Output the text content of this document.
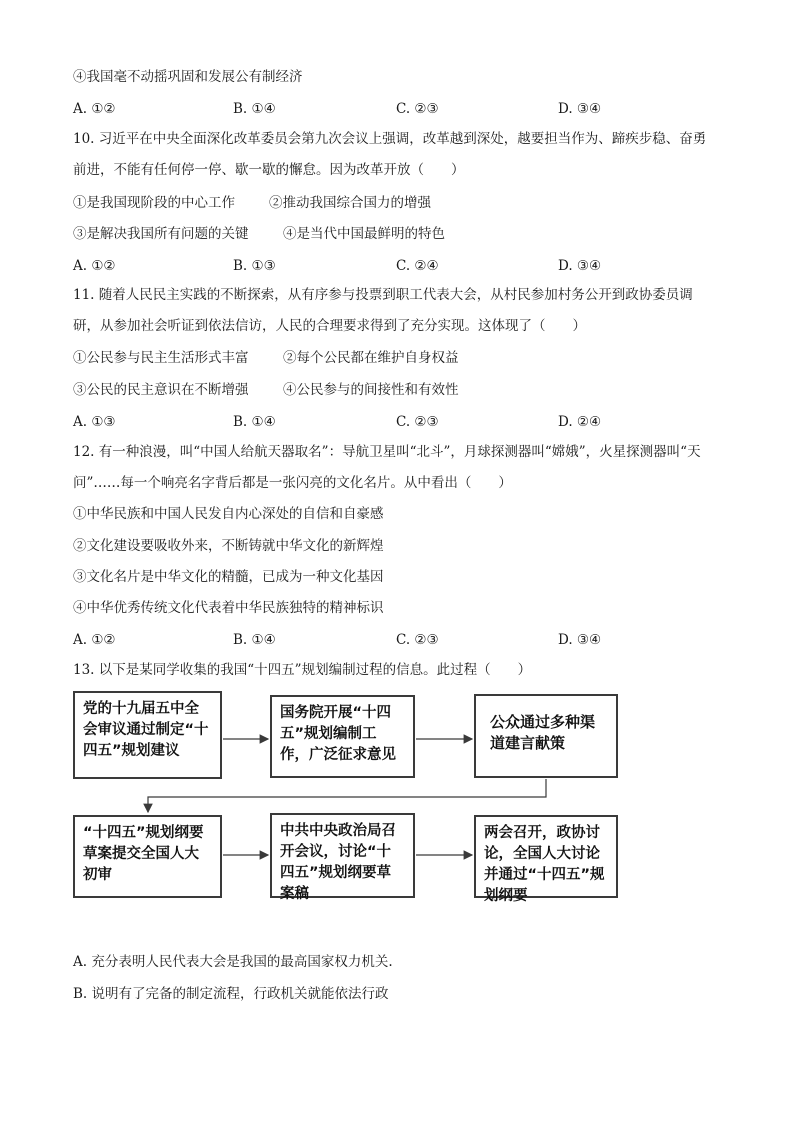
④我国毫不动摇巩固和发展公有制经济
A. ①②	B. ①④	C. ②③	D. ③④
10. 习近平在中央全面深化改革委员会第九次会议上强调，改革越到深处，越要担当作为、蹄疾步稳、奋勇前进，不能有任何停一停、歇一歇的懈怠。因为改革开放（　　）
①是我国现阶段的中心工作	②推动我国综合国力的增强
③是解决我国所有问题的关键	④是当代中国最鲜明的特色
A. ①②	B. ①③	C. ②④	D. ③④
11. 随着人民民主实践的不断探索，从有序参与投票到职工代表大会，从村民参加村务公开到政协委员调研，从参加社会听证到依法信访，人民的合理要求得到了充分实现。这体现了（　　）
①公民参与民主生活形式丰富	②每个公民都在维护自身权益
③公民的民主意识在不断增强	④公民参与的间接性和有效性
A. ①③	B. ①④	C. ②③	D. ②④
12. 有一种浪漫，叫“中国人给航天器取名”：导航卫星叫“北斗”，月球探测器叫“嫦娥”，火星探测器叫“天问”……每一个响亮名字背后都是一张闪亮的文化名片。从中看出（　　）
①中华民族和中国人民发自内心深处的自信和自豪感
②文化建设要吸收外来，不断铸就中华文化的新辉煌
③文化名片是中华文化的精髓，已成为一种文化基因
④中华优秀传统文化代表着中华民族独特的精神标识
A. ①②	B. ①④	C. ②③	D. ③④
13. 以下是某同学收集的我国“十四五”规划编制过程的信息。此过程（　　）
党的十九届五中全会审议通过制定“十四五”规划建议
国务院开展“十四五”规划编制工作，广泛征求意见
公众通过多种渠道建言献策
“十四五”规划纲要草案提交全国人大初审
中共中央政治局召开会议，讨论“十四五”规划纲要草案稿
两会召开，政协讨论，全国人大讨论并通过“十四五”规划纲要
A. 充分表明人民代表大会是我国的最高国家权力机关.
B. 说明有了完备的制定流程，行政机关就能依法行政
